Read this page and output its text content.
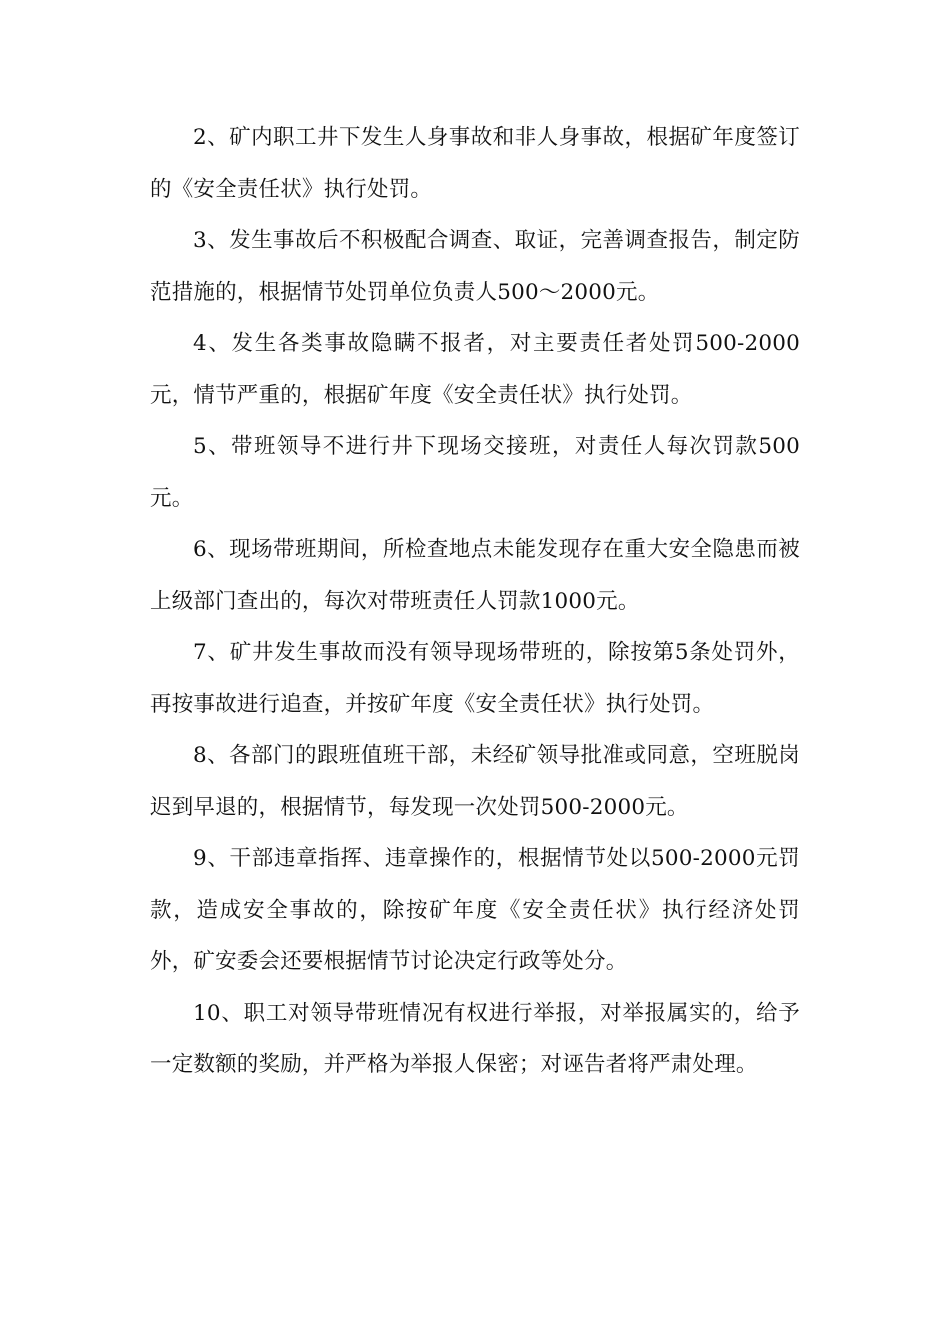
2、矿内职工井下发生人身事故和非人身事故，根据矿年度签订的《安全责任状》执行处罚。

3、发生事故后不积极配合调查、取证，完善调查报告，制定防范措施的，根据情节处罚单位负责人500～2000元。

4、发生各类事故隐瞒不报者，对主要责任者处罚500-2000元，情节严重的，根据矿年度《安全责任状》执行处罚。

5、带班领导不进行井下现场交接班，对责任人每次罚款500元。

6、现场带班期间，所检查地点未能发现存在重大安全隐患而被上级部门查出的，每次对带班责任人罚款1000元。

7、矿井发生事故而没有领导现场带班的，除按第5条处罚外，再按事故进行追查，并按矿年度《安全责任状》执行处罚。

8、各部门的跟班值班干部，未经矿领导批准或同意，空班脱岗迟到早退的，根据情节，每发现一次处罚500-2000元。

9、干部违章指挥、违章操作的，根据情节处以500-2000元罚款，造成安全事故的，除按矿年度《安全责任状》执行经济处罚外，矿安委会还要根据情节讨论决定行政等处分。

10、职工对领导带班情况有权进行举报，对举报属实的，给予一定数额的奖励，并严格为举报人保密；对诬告者将严肃处理。
